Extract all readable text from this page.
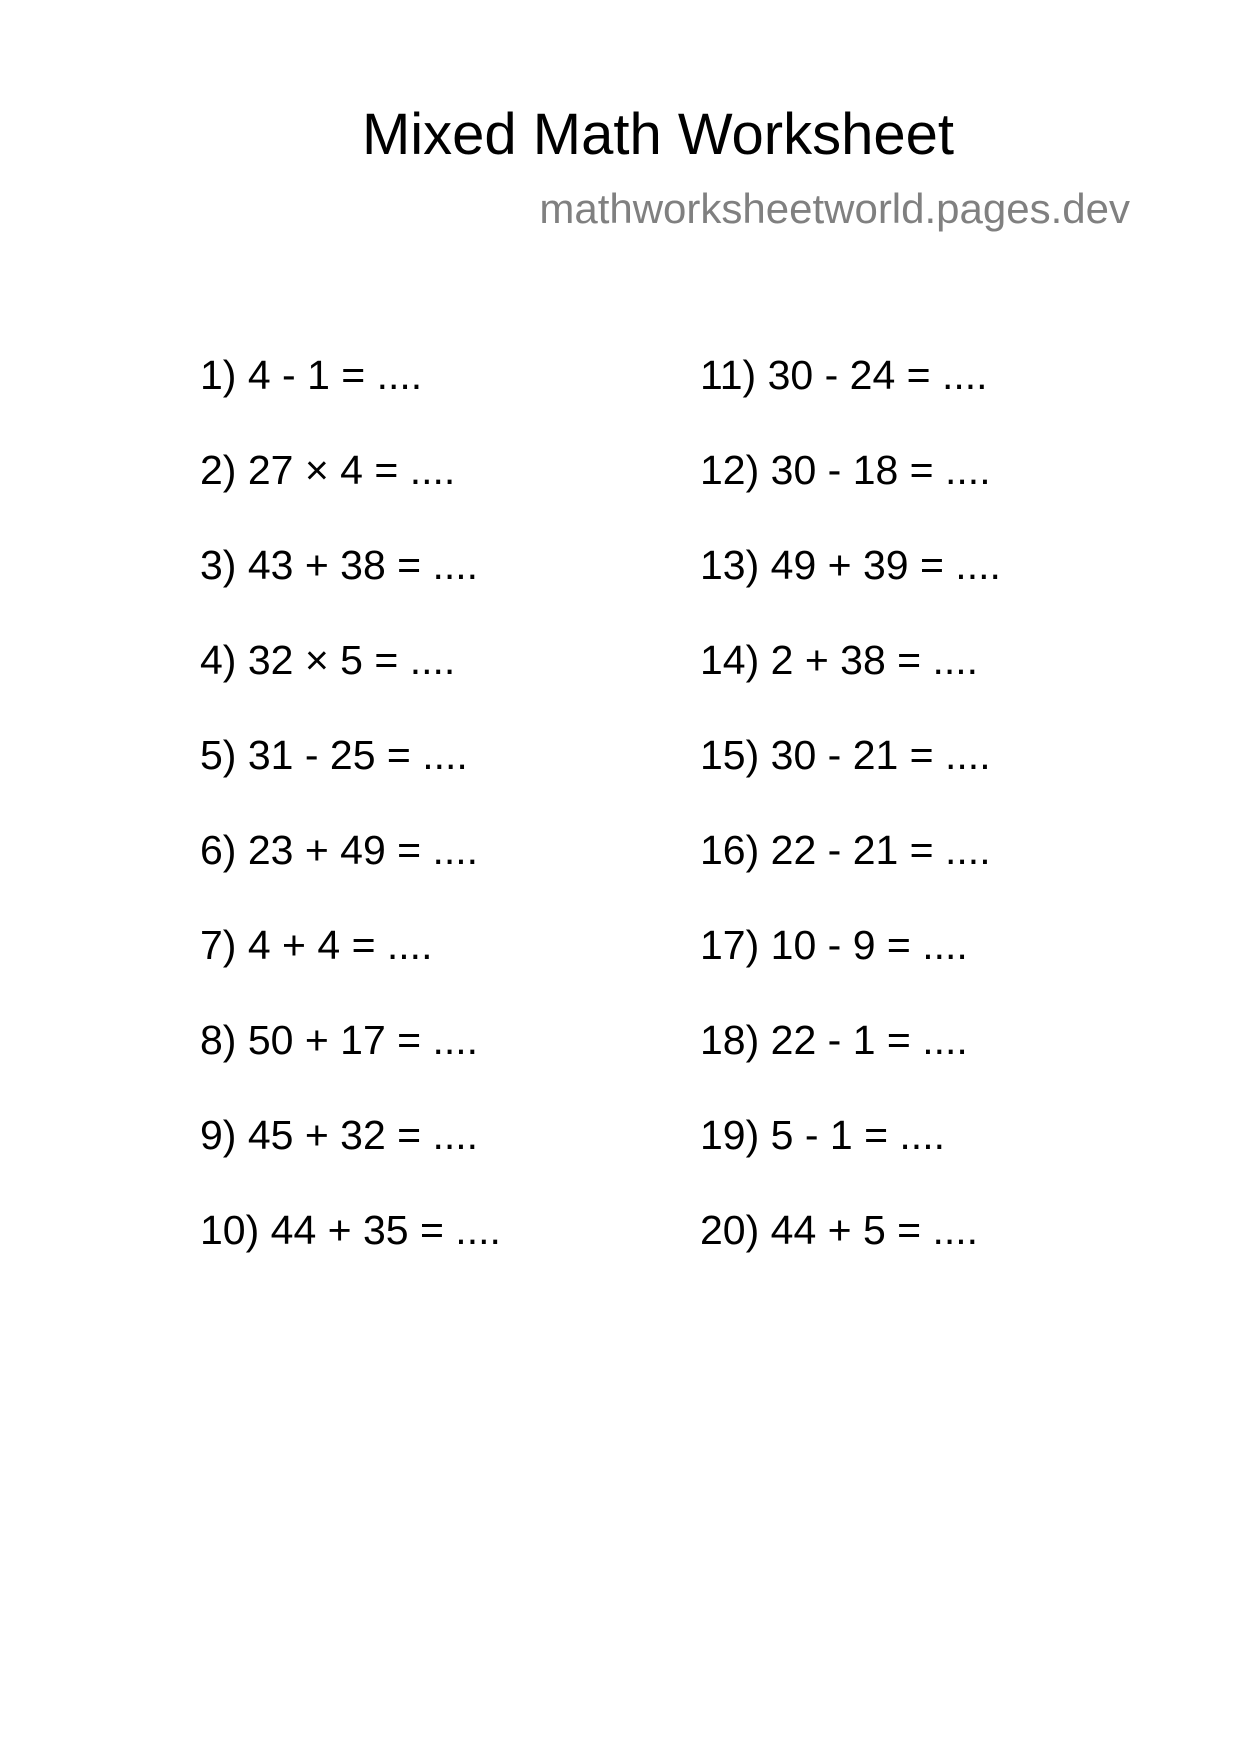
Mixed Math Worksheet
mathworksheetworld.pages.dev
1) 4 - 1 = ....
2) 27 × 4 = ....
3) 43 + 38 = ....
4) 32 × 5 = ....
5) 31 - 25 = ....
6) 23 + 49 = ....
7) 4 + 4 = ....
8) 50 + 17 = ....
9) 45 + 32 = ....
10) 44 + 35 = ....
11) 30 - 24 = ....
12) 30 - 18 = ....
13) 49 + 39 = ....
14) 2 + 38 = ....
15) 30 - 21 = ....
16) 22 - 21 = ....
17) 10 - 9 = ....
18) 22 - 1 = ....
19) 5 - 1 = ....
20) 44 + 5 = ....
